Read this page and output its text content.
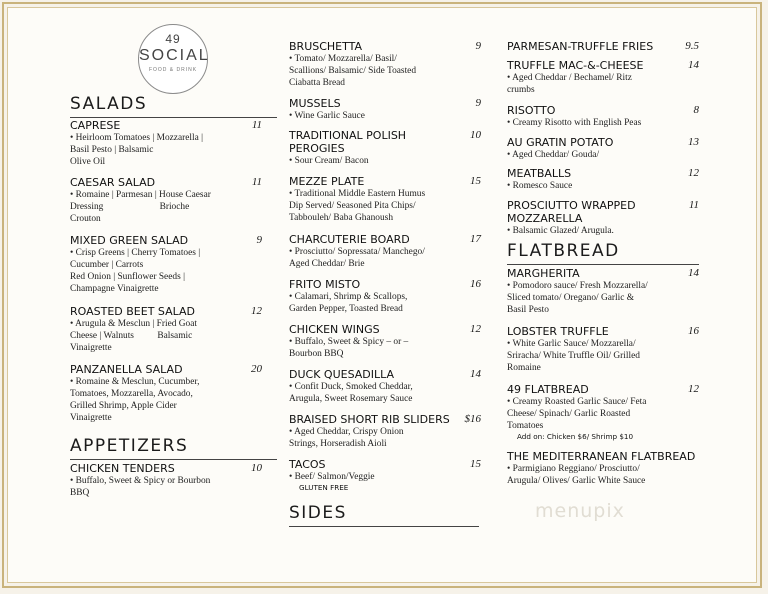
49
SOCIAL
FOOD & DRINK
SALADS
CAPRESE	11
• Heirloom Tomatoes | Mozzarella |
Basil Pesto | Balsamic
Olive Oil
CAESAR SALAD	11
• Romaine | Parmesan | House Caesar
Dressing                        Brioche
Crouton
MIXED GREEN SALAD	9
• Crisp Greens | Cherry Tomatoes |
Cucumber | Carrots
Red Onion | Sunflower Seeds |
Champagne Vinaigrette
ROASTED BEET SALAD	12
• Arugula & Mesclun | Fried Goat
Cheese | Walnuts          Balsamic
Vinaigrette
PANZANELLA SALAD	20
• Romaine & Mesclun, Cucumber,
Tomatoes, Mozzarella, Avocado,
Grilled Shrimp, Apple Cider
Vinaigrette
APPETIZERS
CHICKEN TENDERS	10
• Buffalo, Sweet & Spicy or Bourbon
BBQ
BRUSCHETTA	9
• Tomato/ Mozzarella/ Basil/
Scallions/ Balsamic/ Side Toasted
Ciabatta Bread
MUSSELS	9
• Wine Garlic Sauce
TRADITIONAL POLISH
PEROGIES
10
• Sour Cream/ Bacon
MEZZE PLATE	15
• Traditional Middle Eastern Humus
Dip Served/ Seasoned Pita Chips/
Tabbouleh/ Baba Ghanoush
CHARCUTERIE BOARD	17
• Prosciutto/ Sopressata/ Manchego/
Aged Cheddar/ Brie
FRITO MISTO	16
• Calamari, Shrimp & Scallops,
Garden Pepper, Toasted Bread
CHICKEN WINGS	12
• Buffalo, Sweet & Spicy – or –
Bourbon BBQ
DUCK QUESADILLA	14
• Confit Duck, Smoked Cheddar,
Arugula, Sweet Rosemary Sauce
BRAISED SHORT RIB SLIDERS	$16
• Aged Cheddar, Crispy Onion
Strings, Horseradish Aioli
TACOS	15
• Beef/ Salmon/Veggie
GLUTEN FREE
SIDES
PARMESAN-TRUFFLE FRIES	9.5
TRUFFLE MAC-&-CHEESE	14
• Aged Cheddar / Bechamel/ Ritz
crumbs
RISOTTO	8
• Creamy Risotto with English Peas
AU GRATIN POTATO	13
• Aged Cheddar/ Gouda/
MEATBALLS	12
• Romesco Sauce
PROSCIUTTO WRAPPED
MOZZARELLA
11
• Balsamic Glazed/ Arugula.
FLATBREAD
MARGHERITA	14
• Pomodoro sauce/ Fresh Mozzarella/
Sliced tomato/ Oregano/ Garlic &
Basil Pesto
LOBSTER TRUFFLE	16
• White Garlic Sauce/ Mozzarella/
Sriracha/ White Truffle Oil/ Grilled
Romaine
49 FLATBREAD	12
• Creamy Roasted Garlic Sauce/ Feta
Cheese/ Spinach/ Garlic Roasted
Tomatoes
Add on: Chicken $6/ Shrimp $10
THE MEDITERRANEAN FLATBREAD
• Parmigiano Reggiano/ Prosciutto/
Arugula/ Olives/ Garlic White Sauce
menupix
